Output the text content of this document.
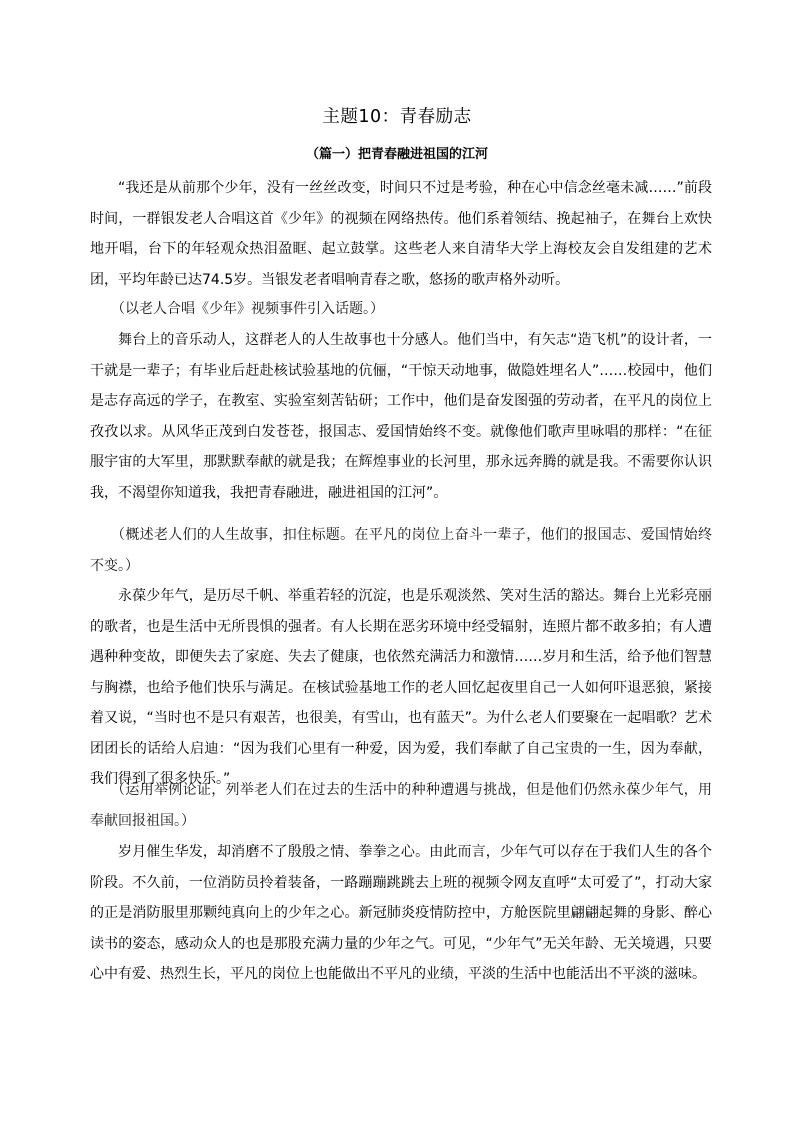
主题10：青春励志
（篇一）把青春融进祖国的江河

“我还是从前那个少年，没有一丝丝改变，时间只不过是考验，种在心中信念丝毫未减……”前段时间，一群银发老人合唱这首《少年》的视频在网络热传。他们系着领结、挽起袖子，在舞台上欢快地开唱，台下的年轻观众热泪盈眶、起立鼓掌。这些老人来自清华大学上海校友会自发组建的艺术团，平均年龄已达74.5岁。当银发老者唱响青春之歌，悠扬的歌声格外动听。

（以老人合唱《少年》视频事件引入话题。）

舞台上的音乐动人，这群老人的人生故事也十分感人。他们当中，有矢志“造飞机”的设计者，一干就是一辈子；有毕业后赶赴核试验基地的伉俪，“干惊天动地事，做隐姓埋名人”……校园中，他们是志存高远的学子，在教室、实验室刻苦钻研；工作中，他们是奋发图强的劳动者，在平凡的岗位上孜孜以求。从风华正茂到白发苍苍，报国志、爱国情始终不变。就像他们歌声里咏唱的那样：“在征服宇宙的大军里，那默默奉献的就是我；在辉煌事业的长河里，那永远奔腾的就是我。不需要你认识我，不渴望你知道我，我把青春融进，融进祖国的江河”。

（概述老人们的人生故事，扣住标题。在平凡的岗位上奋斗一辈子，他们的报国志、爱国情始终不变。）

永葆少年气，是历尽千帆、举重若轻的沉淀，也是乐观淡然、笑对生活的豁达。舞台上光彩亮丽的歌者，也是生活中无所畏惧的强者。有人长期在恶劣环境中经受辐射，连照片都不敢多拍；有人遭遇种种变故，即便失去了家庭、失去了健康，也依然充满活力和激情……岁月和生活，给予他们智慧与胸襟，也给予他们快乐与满足。在核试验基地工作的老人回忆起夜里自己一人如何吓退恶狼，紧接着又说，“当时也不是只有艰苦，也很美，有雪山，也有蓝天”。为什么老人们要聚在一起唱歌？艺术团团长的话给人启迪：“因为我们心里有一种爱，因为爱，我们奉献了自己宝贵的一生，因为奉献，我们得到了很多快乐。”

（运用举例论证，列举老人们在过去的生活中的种种遭遇与挑战，但是他们仍然永葆少年气，用奉献回报祖国。）

岁月催生华发，却消磨不了殷殷之情、拳拳之心。由此而言，少年气可以存在于我们人生的各个阶段。不久前，一位消防员拎着装备，一路蹦蹦跳跳去上班的视频令网友直呼“太可爱了”，打动大家的正是消防服里那颗纯真向上的少年之心。新冠肺炎疫情防控中，方舱医院里翩翩起舞的身影、醉心读书的姿态，感动众人的也是那股充满力量的少年之气。可见，“少年气”无关年龄、无关境遇，只要心中有爱、热烈生长，平凡的岗位上也能做出不平凡的业绩，平淡的生活中也能活出不平淡的滋味。
